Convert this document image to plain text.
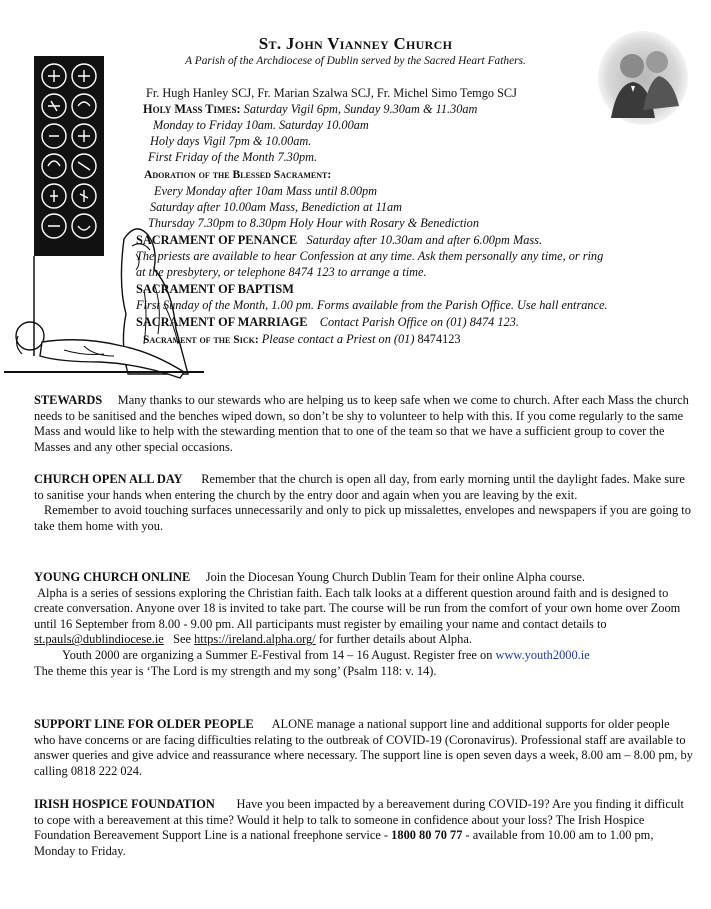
St. John Vianney Church
A Parish of the Archdiocese of Dublin served by the Sacred Heart Fathers.
Fr. Hugh Hanley SCJ, Fr. Marian Szalwa SCJ, Fr. Michel Simo Temgo SCJ
Holy Mass Times: Saturday Vigil 6pm, Sunday 9.30am & 11.30am
Monday to Friday 10am. Saturday 10.00am
Holy days Vigil 7pm & 10.00am.
First Friday of the Month 7.30pm.
Adoration of the Blessed Sacrament:
Every Monday after 10am Mass until 8.00pm
Saturday after 10.00am Mass, Benediction at 11am
Thursday 7.30pm to 8.30pm Holy Hour with Rosary & Benediction
SACRAMENT OF PENANCE Saturday after 10.30am and after 6.00pm Mass.
The priests are available to hear Confession at any time. Ask them personally any time, or ring
at the presbytery, or telephone 8474 123 to arrange a time.
SACRAMENT OF BAPTISM
First Sunday of the Month, 1.00 pm. Forms available from the Parish Office. Use hall entrance.
SACRAMENT OF MARRIAGE Contact Parish Office on (01) 8474 123.
Sacrament of the Sick: Please contact a Priest on (01) 8474123

STEWARDS Many thanks to our stewards who are helping us to keep safe when we come to church. After each Mass the church needs to be sanitised and the benches wiped down, so don’t be shy to volunteer to help with this. If you come regularly to the same Mass and would like to help with the stewarding mention that to one of the team so that we have a sufficient group to cover the Masses and any other special occasions.

CHURCH OPEN ALL DAY Remember that the church is open all day, from early morning until the daylight fades. Make sure to sanitise your hands when entering the church by the entry door and again when you are leaving by the exit.

Remember to avoid touching surfaces unnecessarily and only to pick up missalettes, envelopes and newspapers if you are going to take them home with you.

YOUNG CHURCH ONLINE Join the Diocesan Young Church Dublin Team for their online Alpha course.

Alpha is a series of sessions exploring the Christian faith. Each talk looks at a different question around faith and is designed to create conversation. Anyone over 18 is invited to take part. The course will be run from the comfort of your own home over Zoom until 16 September from 8.00 - 9.00 pm. All participants must register by emailing your name and contact details to st.pauls@dublindiocese.ie See https://ireland.alpha.org/ for further details about Alpha.

Youth 2000 are organizing a Summer E-Festival from 14 – 16 August. Register free on www.youth2000.ie

The theme this year is ‘The Lord is my strength and my song’ (Psalm 118: v. 14).

SUPPORT LINE FOR OLDER PEOPLE ALONE manage a national support line and additional supports for older people who have concerns or are facing difficulties relating to the outbreak of COVID-19 (Coronavirus). Professional staff are available to answer queries and give advice and reassurance where necessary. The support line is open seven days a week, 8.00 am – 8.00 pm, by calling 0818 222 024.

IRISH HOSPICE FOUNDATION Have you been impacted by a bereavement during COVID-19? Are you finding it difficult to cope with a bereavement at this time? Would it help to talk to someone in confidence about your loss? The Irish Hospice Foundation Bereavement Support Line is a national freephone service - 1800 80 70 77 - available from 10.00 am to 1.00 pm, Monday to Friday.
